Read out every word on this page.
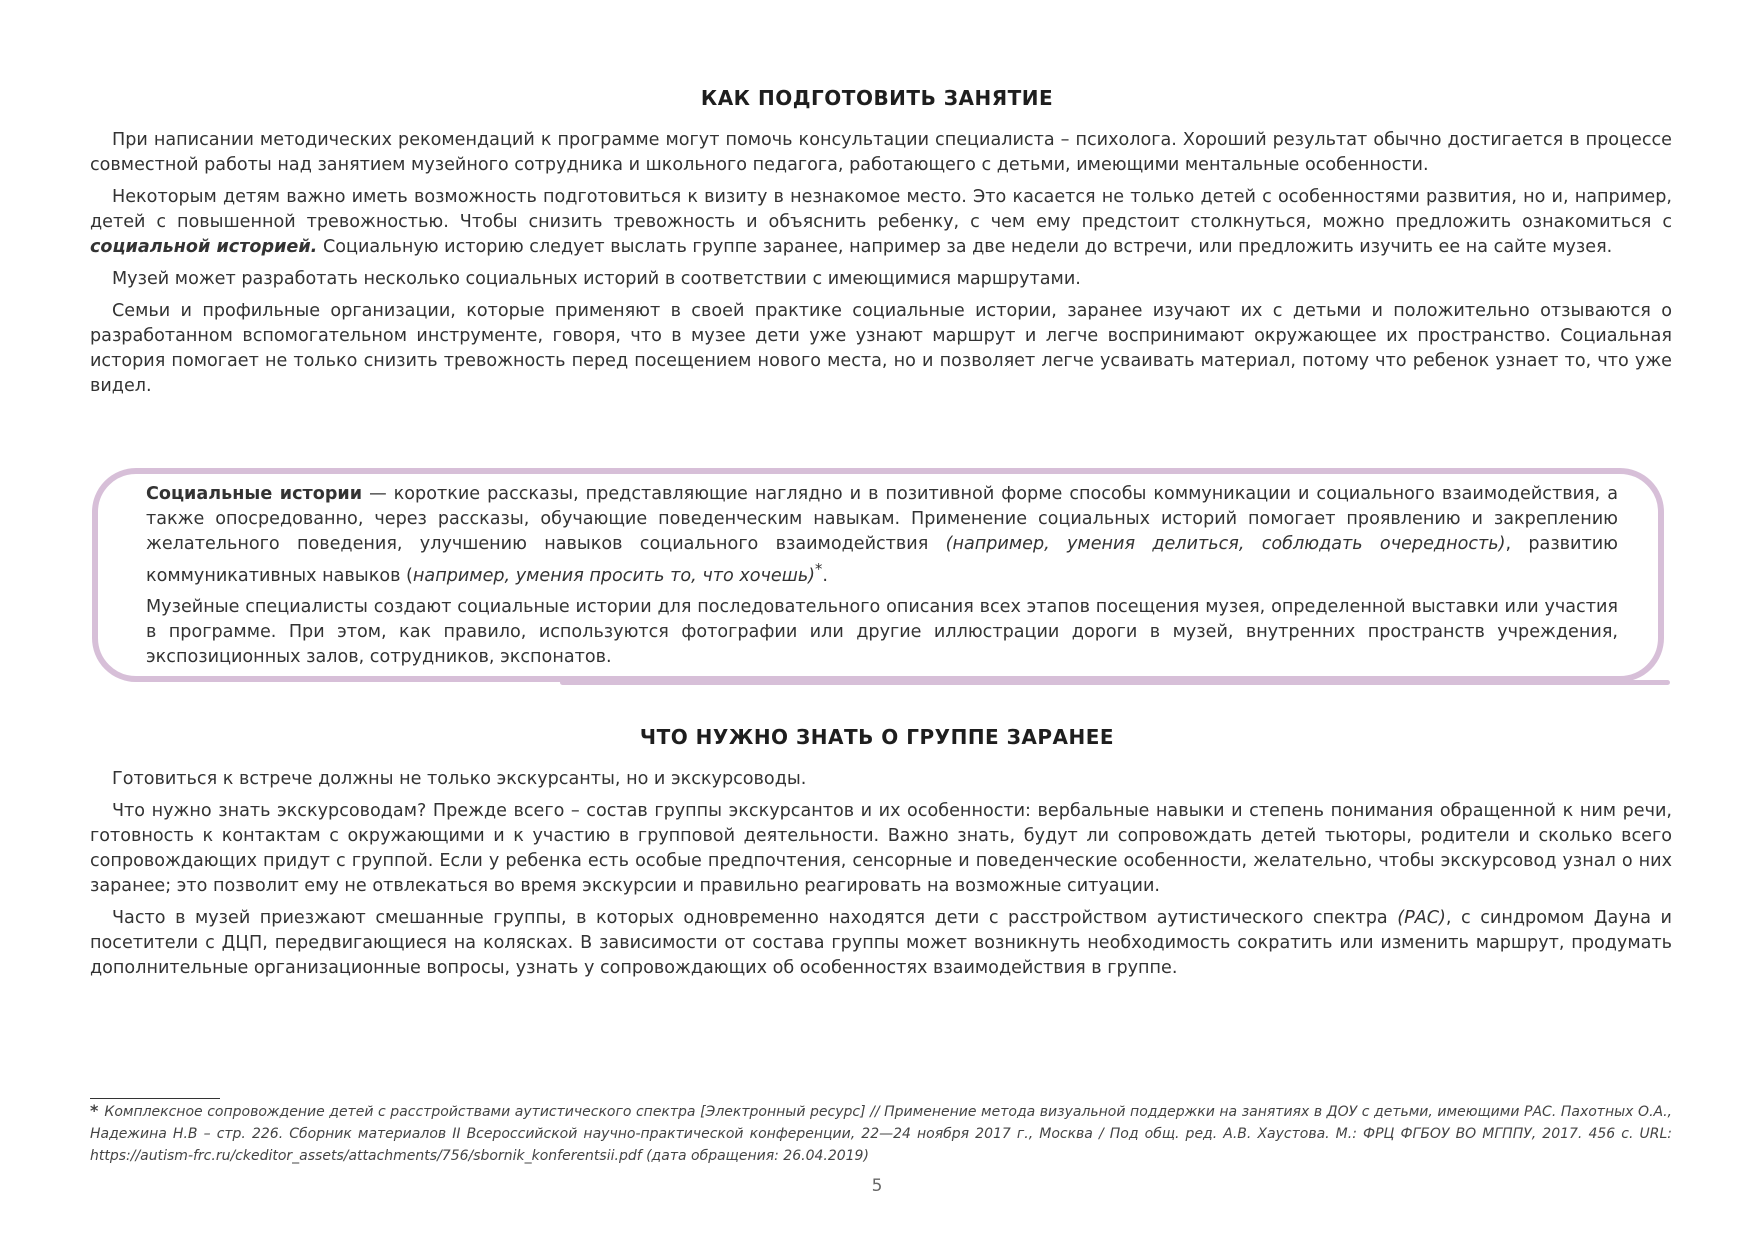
КАК ПОДГОТОВИТЬ ЗАНЯТИЕ

При написании методических рекомендаций к программе могут помочь консультации специалиста – психолога. Хороший результат обычно достигается в процессе совместной работы над занятием музейного сотрудника и школьного педагога, работающего с детьми, имеющими ментальные особенности.

Некоторым детям важно иметь возможность подготовиться к визиту в незнакомое место. Это касается не только детей с особенностями развития, но и, например, детей с повышенной тревожностью. Чтобы снизить тревожность и объяснить ребенку, с чем ему предстоит столкнуться, можно предложить ознакомиться с социальной историей. Социальную историю следует выслать группе заранее, например за две недели до встречи, или предложить изучить ее на сайте музея.

Музей может разработать несколько социальных историй в соответствии с имеющимися маршрутами.

Семьи и профильные организации, которые применяют в своей практике социальные истории, заранее изучают их с детьми и положительно отзываются о разработанном вспомогательном инструменте, говоря, что в музее дети уже узнают маршрут и легче воспринимают окружающее их пространство. Социальная история помогает не только снизить тревожность перед посещением нового места, но и позволяет легче усваивать материал, потому что ребенок узнает то, что уже видел.

Социальные истории — короткие рассказы, представляющие наглядно и в позитивной форме способы коммуникации и социального взаимодействия, а также опосредованно, через рассказы, обучающие поведенческим навыкам. Применение социальных историй помогает проявлению и закреплению желательного поведения, улучшению навыков социального взаимодействия (например, умения делиться, соблюдать очередность), развитию коммуникативных навыков (например, умения просить то, что хочешь)*.

Музейные специалисты создают социальные истории для последовательного описания всех этапов посещения музея, определенной выставки или участия в программе. При этом, как правило, используются фотографии или другие иллюстрации дороги в музей, внутренних пространств учреждения, экспозиционных залов, сотрудников, экспонатов.

ЧТО НУЖНО ЗНАТЬ О ГРУППЕ ЗАРАНЕЕ

Готовиться к встрече должны не только экскурсанты, но и экскурсоводы.

Что нужно знать экскурсоводам? Прежде всего – состав группы экскурсантов и их особенности: вербальные навыки и степень понимания обращенной к ним речи, готовность к контактам с окружающими и к участию в групповой деятельности. Важно знать, будут ли сопровождать детей тьюторы, родители и сколько всего сопровождающих придут с группой. Если у ребенка есть особые предпочтения, сенсорные и поведенческие особенности, желательно, чтобы экскурсовод узнал о них заранее; это позволит ему не отвлекаться во время экскурсии и правильно реагировать на возможные ситуации.

Часто в музей приезжают смешанные группы, в которых одновременно находятся дети с расстройством аутистического спектра (РАС), с синдромом Дауна и посетители с ДЦП, передвигающиеся на колясках. В зависимости от состава группы может возникнуть необходимость сократить или изменить маршрут, продумать дополнительные организационные вопросы, узнать у сопровождающих об особенностях взаимодействия в группе.

* Комплексное сопровождение детей с расстройствами аутистического спектра [Электронный ресурс] // Применение метода визуальной поддержки на занятиях в ДОУ с детьми, имеющими РАС. Пахотных О.А., Надежина Н.В – стр. 226. Сборник материалов II Всероссийской научно-практической конференции, 22—24 ноября 2017 г., Москва / Под общ. ред. А.В. Хаустова. М.: ФРЦ ФГБОУ ВО МГППУ, 2017. 456 с. URL: https://autism-frc.ru/ckeditor_assets/attachments/756/sbornik_konferentsii.pdf (дата обращения: 26.04.2019)
5
